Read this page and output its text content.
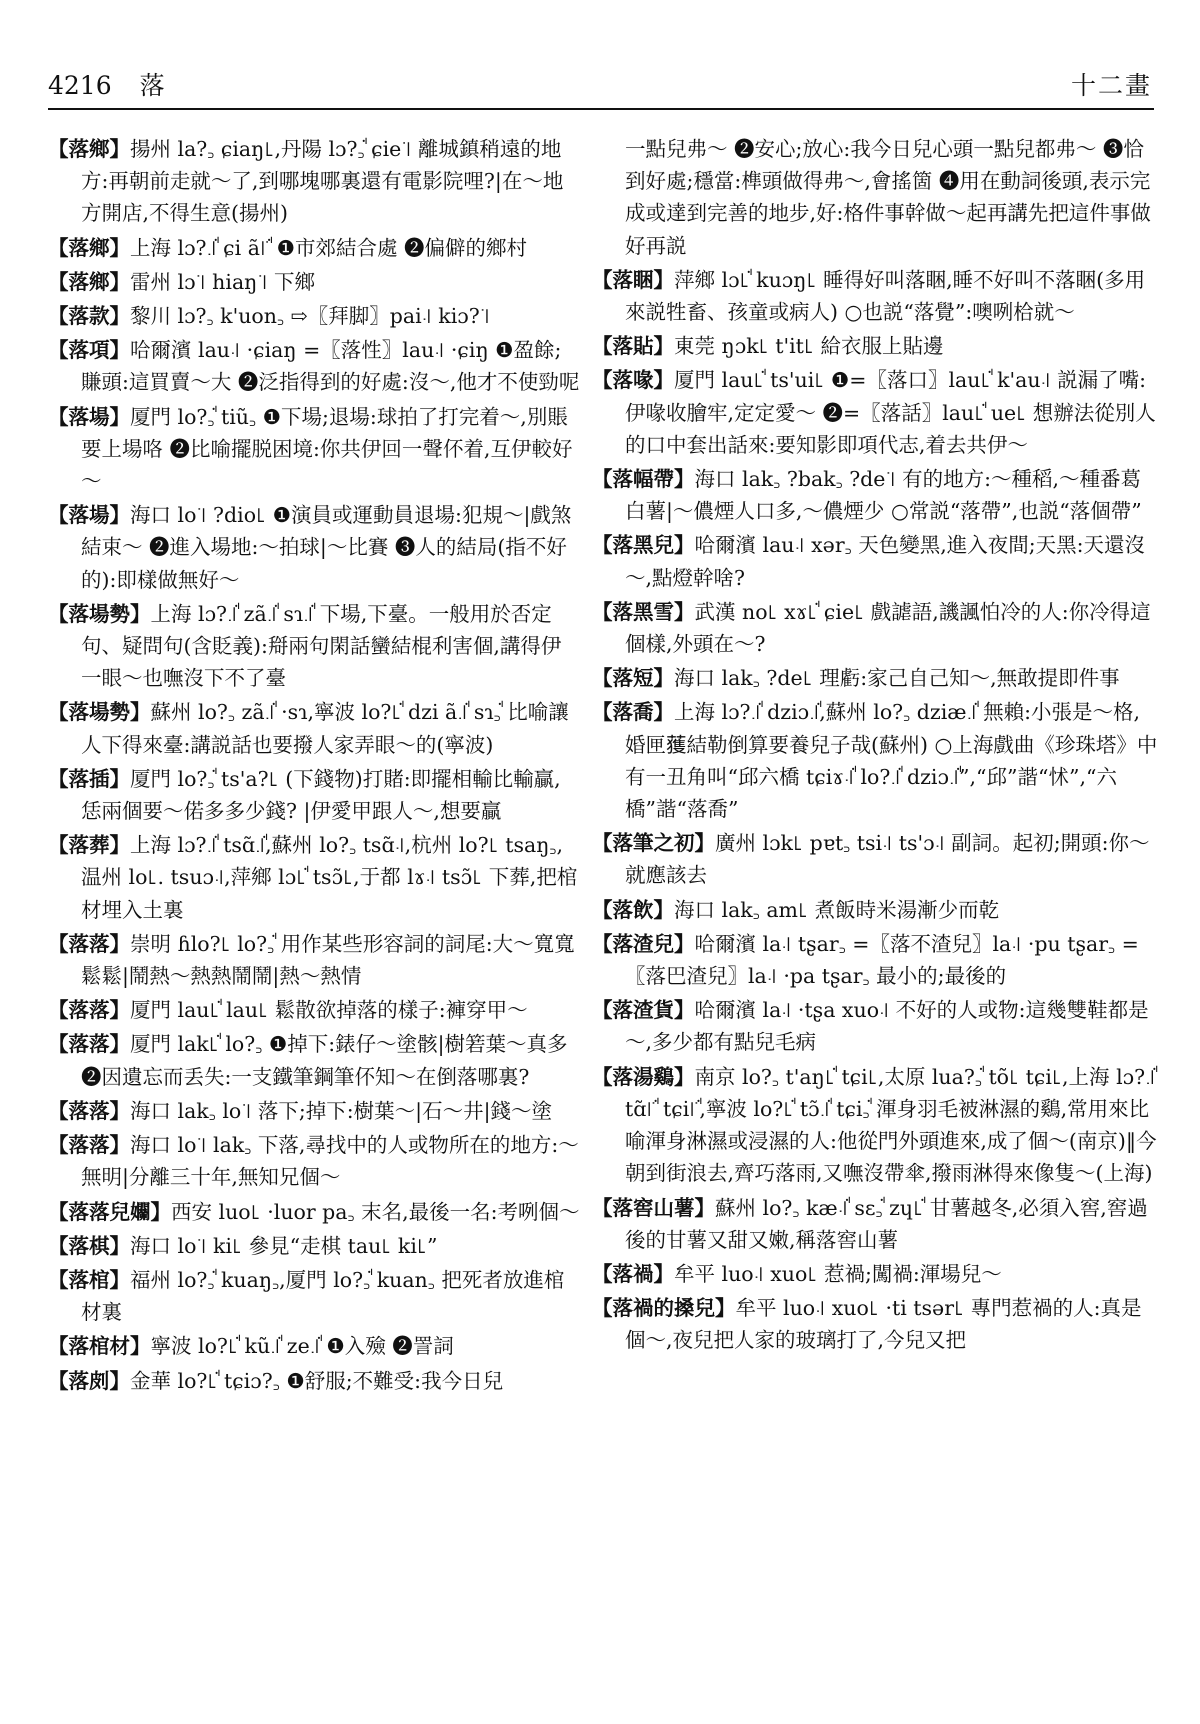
4216 落	十二畫

【落鄉】揚州 la?꜆ ɕiaŋ꜖,丹陽 lɔ?꜆ꜗ ɕie꜈ 離城鎮稍遠的地方:再朝前走就～了,到哪塊哪裏還有電影院哩?|在～地方開店,不得生意(揚州)

【落鄉】上海 lɔ?꜌ꜗ ɕi ã꜍ꜗ ❶市郊結合處 ❷偏僻的鄉村

【落鄉】雷州 lɔ꜈ hiaŋ꜈ 下鄉

【落款】黎川 lɔ?꜆ k'uon꜆ ⇨〖拜脚〗pai꜋ kiɔ?꜈

【落項】哈爾濱 lau꜋ ·ɕiaŋ =〖落性〗lau꜋ ·ɕiŋ ❶盈餘;賺頭:這買賣～大 ❷泛指得到的好處:沒～,他才不使勁呢

【落場】厦門 lo?꜆ꜗ tiũ꜆ ❶下場;退場:球拍了打完着～,別賬要上場咯 ❷比喻擺脱困境:你共伊回一聲伓着,互伊較好～

【落場】海口 lo꜈ ?dio꜖ ❶演員或運動員退場:犯規～|戲煞結束～ ❷進入場地:～拍球|～比賽 ❸人的結局(指不好的):即樣做無好～

【落場勢】上海 lɔ?꜌ꜗ zã꜌ꜗ sɿ꜌ꜗ 下場,下臺。一般用於否定句、疑問句(含貶義):搿兩句閑話蠻結棍利害個,講得伊一眼～也嘸沒下不了臺

【落場勢】蘇州 lo?꜆ zã꜌ꜗ ·sɿ,寧波 lo?꜖ꜗ dzi ã꜌ꜗ sɿ꜆ꜗ 比喻讓人下得來臺:講説話也要撥人家弄眼～的(寧波)

【落插】厦門 lo?꜆ꜗ ts'a?꜖ (下錢物)打賭:即擺相輸比輸贏,恁兩個要～偌多多少錢? |伊愛甲跟人～,想要贏

【落葬】上海 lɔ?꜌ꜗ tsɑ̃꜌ꜗ,蘇州 lo?꜆ tsɑ̃꜋,杭州 lo?꜖ tsaŋ꜆,温州 lo꜖. tsuɔ꜋,萍鄉 lɔ꜖ꜗ tsɔ̃꜖,于都 lɤ꜋ tsɔ̃꜖ 下葬,把棺材埋入土裏

【落落】崇明 ɦlo?꜖ lo?꜆ꜗ 用作某些形容詞的詞尾:大～寬寬鬆鬆|鬧熱～熱熱鬧鬧|熱～熱情

【落落】厦門 lau꜖ꜗ lau꜖ 鬆散欲掉落的樣子:褲穿甲～

【落落】厦門 lak꜖ꜗ lo?꜆ ❶掉下:錶仔～塗骸|樹箬葉～真多 ❷因遺忘而丢失:一支鐵筆鋼筆伓知～在倒落哪裏?

【落落】海口 lak꜆ lo꜈ 落下;掉下:樹葉～|石～井|錢～塗

【落落】海口 lo꜈ lak꜆ 下落,尋找中的人或物所在的地方:～無明|分離三十年,無知兄個～

【落落兒𡤡】西安 luo꜖ ·luor pa꜆ 末名,最後一名:考咧個～

【落棋】海口 lo꜈ ki꜖ 參見“走棋 tau꜖ ki꜖”

【落棺】福州 lo?꜆ꜗ kuaŋ꜆,厦門 lo?꜆ꜗ kuan꜆ 把死者放進棺材裏

【落棺材】寧波 lo?꜖ꜗ kũ꜌ꜗ ze꜌ꜗ ❶入殮 ❷詈詞

【落㓟】金華 lo?꜖ꜗ tɕiɔ?꜆ ❶舒服;不難受:我今日兒

一點兒弗～ ❷安心;放心:我今日兒心頭一點兒都弗～ ❸恰到好處;穩當:榫頭做得弗～,會搖箇 ❹用在動詞後頭,表示完成或達到完善的地步,好:格件事幹做～起再講先把這件事做好再説

【落睏】萍鄉 lɔ꜖ꜗ kuɔŋ꜖ 睡得好叫落睏,睡不好叫不落睏(多用來説牲畜、孩童或病人) ○也説“落覺”:噢咧㭘就～

【落貼】東莞 ŋɔk꜖ t'it꜖ 給衣服上貼邊

【落喙】厦門 lau꜖ꜗ ts'ui꜖ ❶=〖落口〗lau꜖ꜗ k'au꜋ 説漏了嘴:伊喙收膾牢,定定愛～ ❷=〖落話〗lau꜖ꜗ ue꜖ 想辦法從別人的口中套出話來:要知影即項代志,着去共伊～

【落幅帶】海口 lak꜆ ?bak꜆ ?de꜈ 有的地方:～種稻,～種番葛白薯|～儂煙人口多,～儂煙少 ○常説“落帶”,也説“落個帶”

【落黑兒】哈爾濱 lau꜋ xər꜆ 天色變黑,進入夜間;天黑:天還沒～,點燈幹啥?

【落黑雪】武漢 no꜖ xɤ꜖ꜗ ɕie꜖ 戲謔語,譏諷怕冷的人:你冷得這個樣,外頭在～?

【落短】海口 lak꜆ ?de꜖ 理虧:家己自己知～,無敢提即件事

【落喬】上海 lɔ?꜌ꜗ dziɔ꜌ꜗ,蘇州 lo?꜆ dziæ꜌ꜗ 無賴:小張是～格,婚匣𫉬結勒倒算要養兒子哉(蘇州) ○上海戲曲《珍珠塔》中有一丑角叫“邱六橋 tɕiɤ꜋ꜗ lo?꜌ꜗ dziɔ꜌ꜗ”,“邱”諧“怵”,“六橋”諧“落喬”

【落筆之初】廣州 lɔk꜖ pɐt꜆ tsi꜋ ts'ɔ꜋ 副詞。起初;開頭:你～就應該去

【落飲】海口 lak꜆ am꜖ 煮飯時米湯漸少而乾

【落渣兒】哈爾濱 la꜋ tʂar꜆ =〖落不渣兒〗la꜋ ·pu tʂar꜆ =〖落巴渣兒〗la꜋ ·pa tʂar꜆ 最小的;最後的

【落渣貨】哈爾濱 la꜋ ·tʂa xuo꜋ 不好的人或物:這幾雙鞋都是～,多少都有點兒毛病

【落湯鷄】南京 lo?꜆ t'aŋ꜖ꜗ tɕi꜖,太原 lua?꜆ꜗ tõ꜖ tɕi꜖,上海 lɔ?꜌ꜗ tɑ̃꜍ꜗ tɕi꜍ꜗ,寧波 lo?꜖ꜗ tɔ̃꜌ꜗ tɕi꜆ꜗ 渾身羽毛被淋濕的鷄,常用來比喻渾身淋濕或浸濕的人:他從門外頭進來,成了個～(南京)‖今朝到街浪去,齊巧落雨,又嘸沒帶傘,撥雨淋得來像隻～(上海)

【落窖山薯】蘇州 lo?꜆ kæ꜋ꜗ sɛ꜆ꜗ zɥ꜖ꜗ 甘薯越冬,必須入窖,窖過後的甘薯又甜又嫩,稱落窖山薯

【落禍】牟平 luo꜋ xuo꜖ 惹禍;闖禍:渾場兒～

【落禍的搡兒】牟平 luo꜋ xuo꜖ ·ti tsər꜖ 專門惹禍的人:真是個～,夜兒把人家的玻璃打了,今兒又把
